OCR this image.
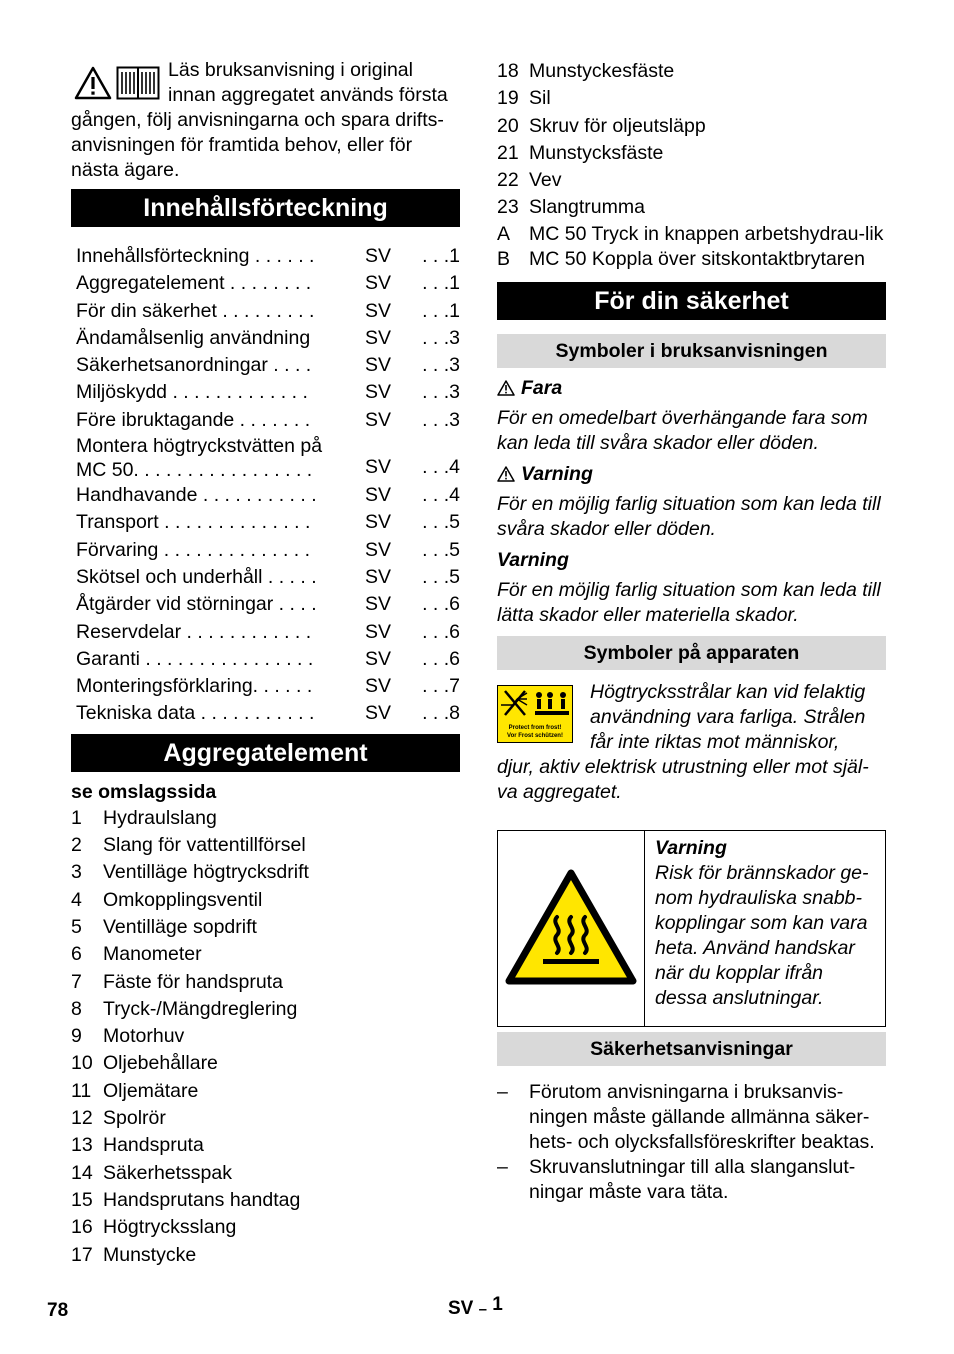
Läs bruksanvisning i original

innan aggregatet används första

gången, följ anvisningarna och spara drifts-anvisningen för framtida behov, eller för nästa ägare.

Innehållsförteckning
Innehållsförteckning . . . . . .	SV	. . .1
Aggregatelement . . . . . . . .	SV	. . .1
För din säkerhet . . . . . . . . .	SV	. . .1
Ändamålsenlig användning	SV	. . .3
Säkerhetsanordningar . . . .	SV	. . .3
Miljöskydd . . . . . . . . . . . . .	SV	. . .3
Före ibruktagande . . . . . . .	SV	. . .3
Montera högtryckstvätten på MC 50. . . . . . . . . . . . . . . . .	SV	. . .4
Handhavande . . . . . . . . . . .	SV	. . .4
Transport . . . . . . . . . . . . . .	SV	. . .5
Förvaring . . . . . . . . . . . . . .	SV	. . .5
Skötsel och underhåll . . . . .	SV	. . .5
Åtgärder vid störningar . . . .	SV	. . .6
Reservdelar . . . . . . . . . . . .	SV	. . .6
Garanti . . . . . . . . . . . . . . . .	SV	. . .6
Monteringsförklaring. . . . . .	SV	. . .7
Tekniska data . . . . . . . . . . .	SV	. . .8
Aggregatelement
se omslagssida
1	Hydraulslang
2	Slang för vattentillförsel
3	Ventilläge högtrycksdrift
4	Omkopplingsventil
5	Ventilläge sopdrift
6	Manometer
7	Fäste för handspruta
8	Tryck-/Mängdreglering
9	Motorhuv
10 Oljebehållare
11 Oljemätare
12 Spolrör
13 Handspruta
14 Säkerhetsspak
15 Handsprutans handtag
16 Högtrycksslang
17 Munstycke
18 Munstyckesfäste
19 Sil
20 Skruv för oljeutsläpp
21 Munstycksfäste
22 Vev
23 Slangtrumma
A MC 50 Tryck in knappen arbetshydrau-lik
B MC 50 Koppla över sitskontaktbrytaren
För din säkerhet
Symboler i bruksanvisningen
Fara

För en omedelbart överhängande fara som kan leda till svåra skador eller döden.

Varning

För en möjlig farlig situation som kan leda till svåra skador eller döden.

Varning

För en möjlig farlig situation som kan leda till lätta skador eller materiella skador.

Symboler på apparaten
Protect from frost!
Vor Frost schützen!

Högtrycksstrålar kan vid felaktig användning vara farliga. Strålen får inte riktas mot människor,

djur, aktiv elektrisk utrustning eller mot själ-va aggregatet.

Varning

Risk för brännskador ge-nom hydrauliska snabb-kopplingar som kan vara heta. Använd handskar när du kopplar ifrån dessa anslutningar.

Säkerhetsanvisningar
–	Förutom anvisningarna i bruksanvis-ningen måste gällande allmänna säker-hets- och olycksfallsföreskrifter beaktas.
–	Skruvanslutningar till alla slanganslut-ningar måste vara täta.
78	SV – 1
